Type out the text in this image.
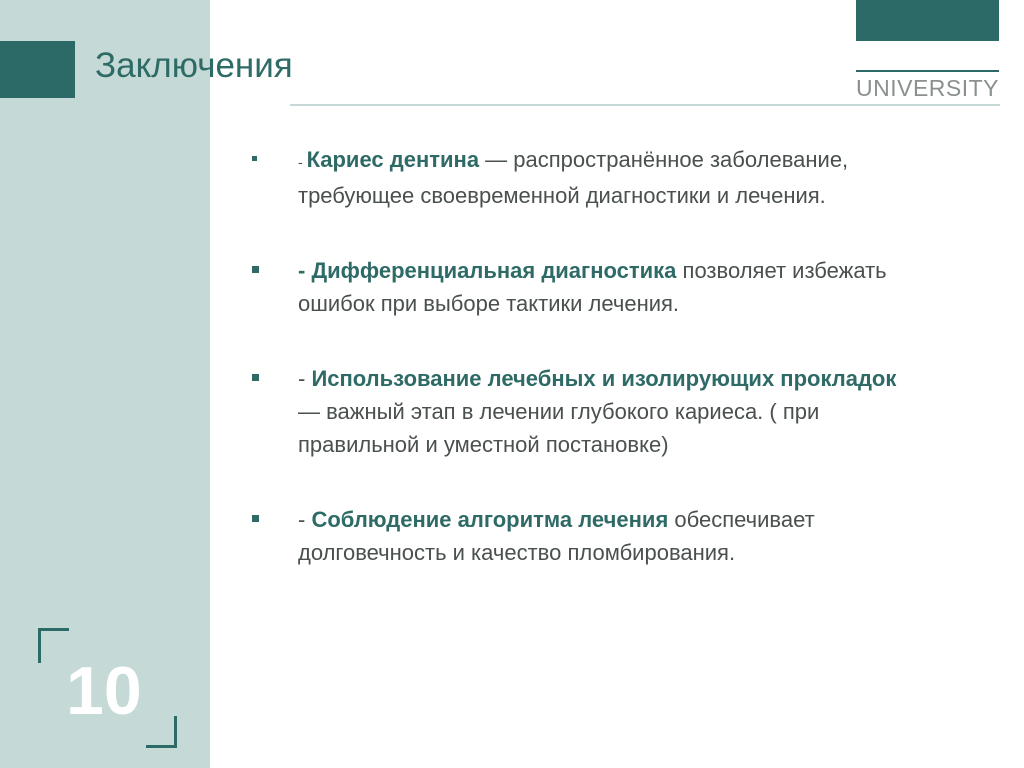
Заключения	PEDIATRIC
UNIVERSITY
- Кариес дентина — распространённое заболевание,
требующее своевременной диагностики и лечения.
- Дифференциальная диагностика позволяет избежать
ошибок при выборе тактики лечения.
- Использование лечебных и изолирующих прокладок
— важный этап в лечении глубокого кариеса. ( при
правильной и уместной постановке)
- Соблюдение алгоритма лечения обеспечивает
долговечность и качество пломбирования.
10
